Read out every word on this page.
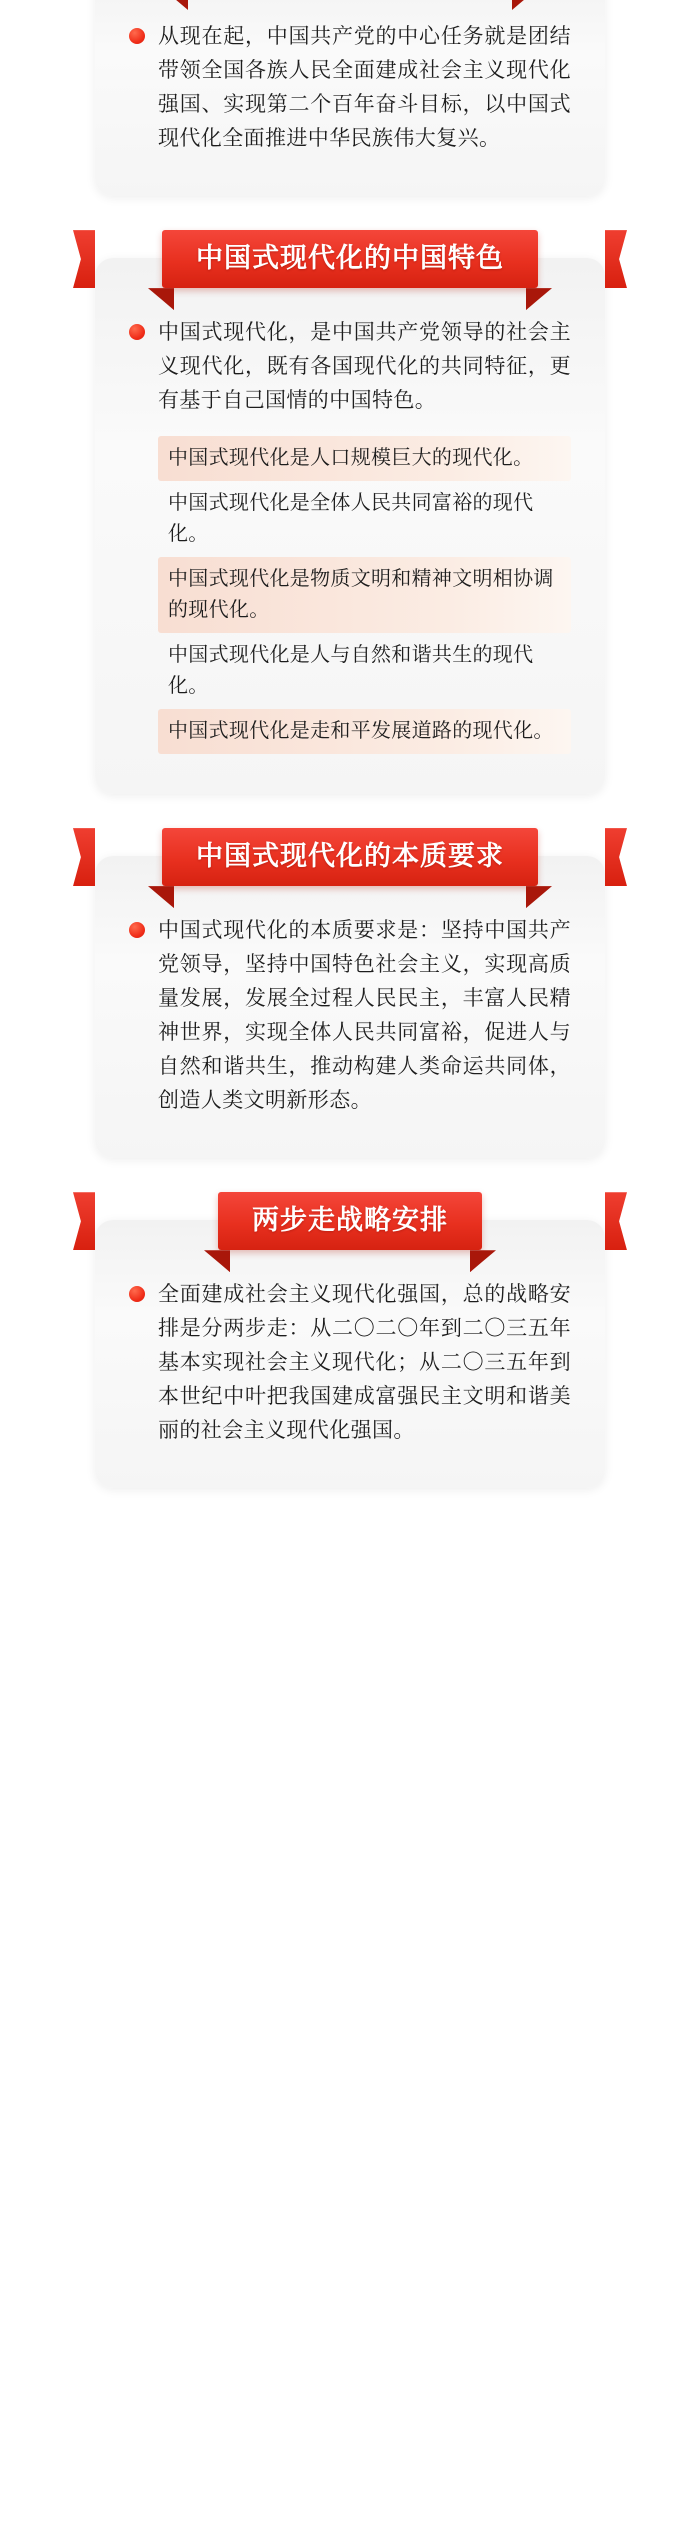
从现在起，中国共产党的中心任务就是团结带领全国各族人民全面建成社会主义现代化强国、实现第二个百年奋斗目标，以中国式现代化全面推进中华民族伟大复兴。
中国式现代化的中国特色
中国式现代化，是中国共产党领导的社会主义现代化，既有各国现代化的共同特征，更有基于自己国情的中国特色。
中国式现代化是人口规模巨大的现代化。
中国式现代化是全体人民共同富裕的现代化。
中国式现代化是物质文明和精神文明相协调的现代化。
中国式现代化是人与自然和谐共生的现代化。
中国式现代化是走和平发展道路的现代化。
中国式现代化的本质要求
中国式现代化的本质要求是：坚持中国共产党领导，坚持中国特色社会主义，实现高质量发展，发展全过程人民民主，丰富人民精神世界，实现全体人民共同富裕，促进人与自然和谐共生，推动构建人类命运共同体，创造人类文明新形态。
两步走战略安排
全面建成社会主义现代化强国，总的战略安排是分两步走：从二〇二〇年到二〇三五年基本实现社会主义现代化；从二〇三五年到本世纪中叶把我国建成富强民主文明和谐美丽的社会主义现代化强国。
